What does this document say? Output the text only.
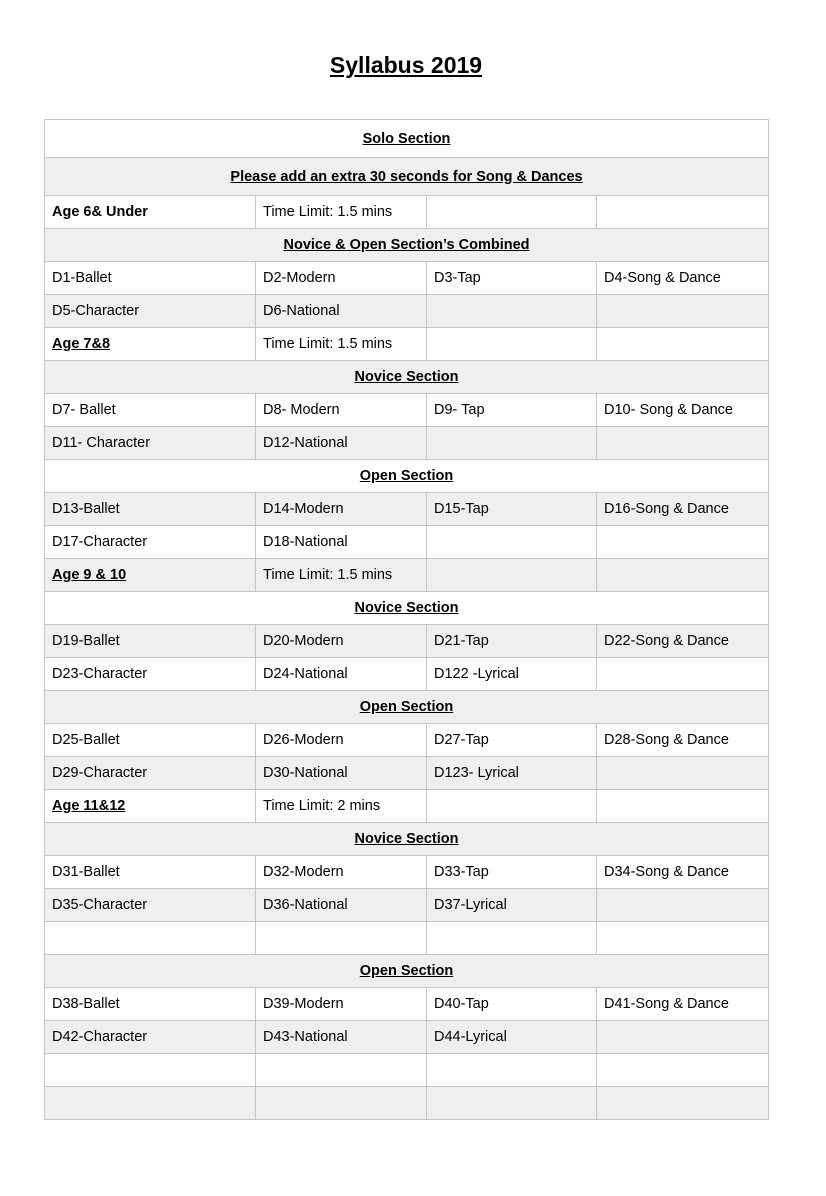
Syllabus 2019
Solo Section			
Please add an extra 30 seconds for Song & Dances			
Age 6& Under	Time Limit: 1.5 mins		
Novice & Open Section’s Combined			
D1-Ballet	D2-Modern	D3-Tap	D4-Song & Dance
D5-Character	D6-National		
Age 7&8	Time Limit: 1.5 mins		
Novice Section			
D7- Ballet	D8- Modern	D9- Tap	D10- Song & Dance
D11- Character	D12-National		
Open Section			
D13-Ballet	D14-Modern	D15-Tap	D16-Song & Dance
D17-Character	D18-National		
Age 9 & 10	Time Limit: 1.5 mins		
Novice Section			
D19-Ballet	D20-Modern	D21-Tap	D22-Song & Dance
D23-Character	D24-National	D122 -Lyrical	
Open Section			
D25-Ballet	D26-Modern	D27-Tap	D28-Song & Dance
D29-Character	D30-National	D123- Lyrical	
Age 11&12	Time Limit: 2 mins		
Novice Section			
D31-Ballet	D32-Modern	D33-Tap	D34-Song & Dance
D35-Character	D36-National	D37-Lyrical	

Open Section			
D38-Ballet	D39-Modern	D40-Tap	D41-Song & Dance
D42-Character	D43-National	D44-Lyrical	
